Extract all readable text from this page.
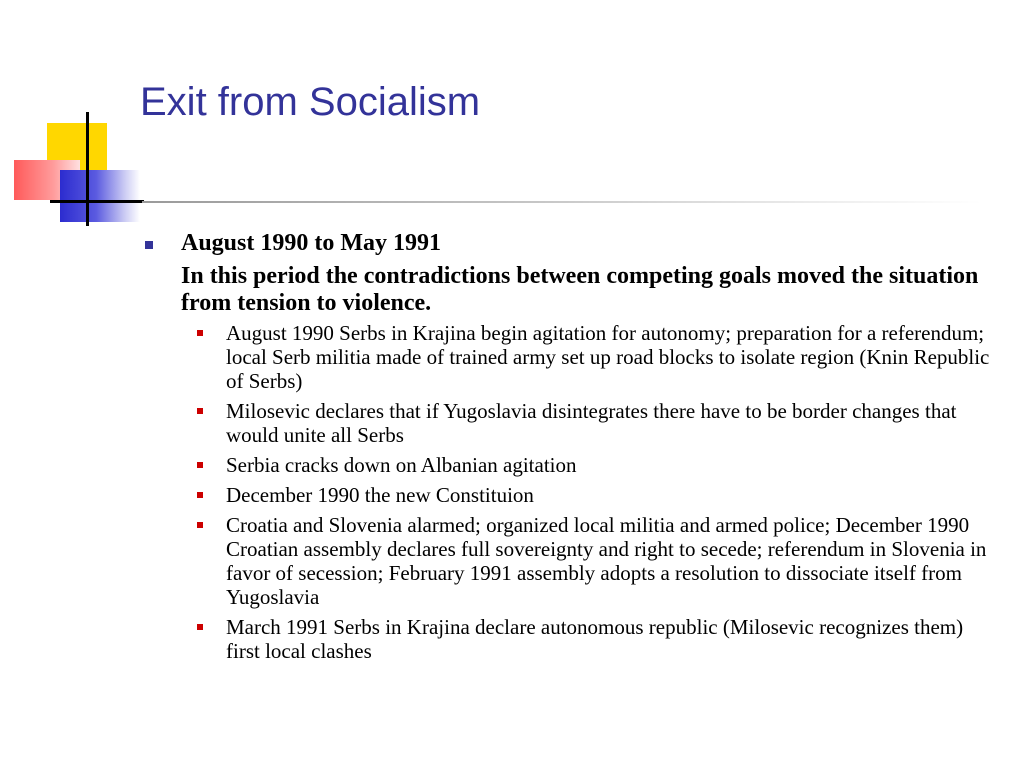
Exit from Socialism
August 1990 to May 1991
In this period the contradictions between competing goals moved the situation from tension to violence.
August 1990 Serbs in Krajina begin agitation for autonomy; preparation for a referendum; local Serb militia made of trained army set up road blocks to isolate region (Knin Republic of Serbs)
Milosevic declares that if Yugoslavia disintegrates there have to be border changes that would unite all Serbs
Serbia cracks down on Albanian agitation
December 1990 the new Constituion
Croatia and Slovenia alarmed; organized local militia and armed police; December 1990 Croatian assembly declares full sovereignty and right to secede; referendum in Slovenia in favor of secession; February 1991 assembly adopts a resolution to dissociate itself from Yugoslavia
March 1991 Serbs in Krajina declare autonomous republic (Milosevic recognizes them) first local clashes
